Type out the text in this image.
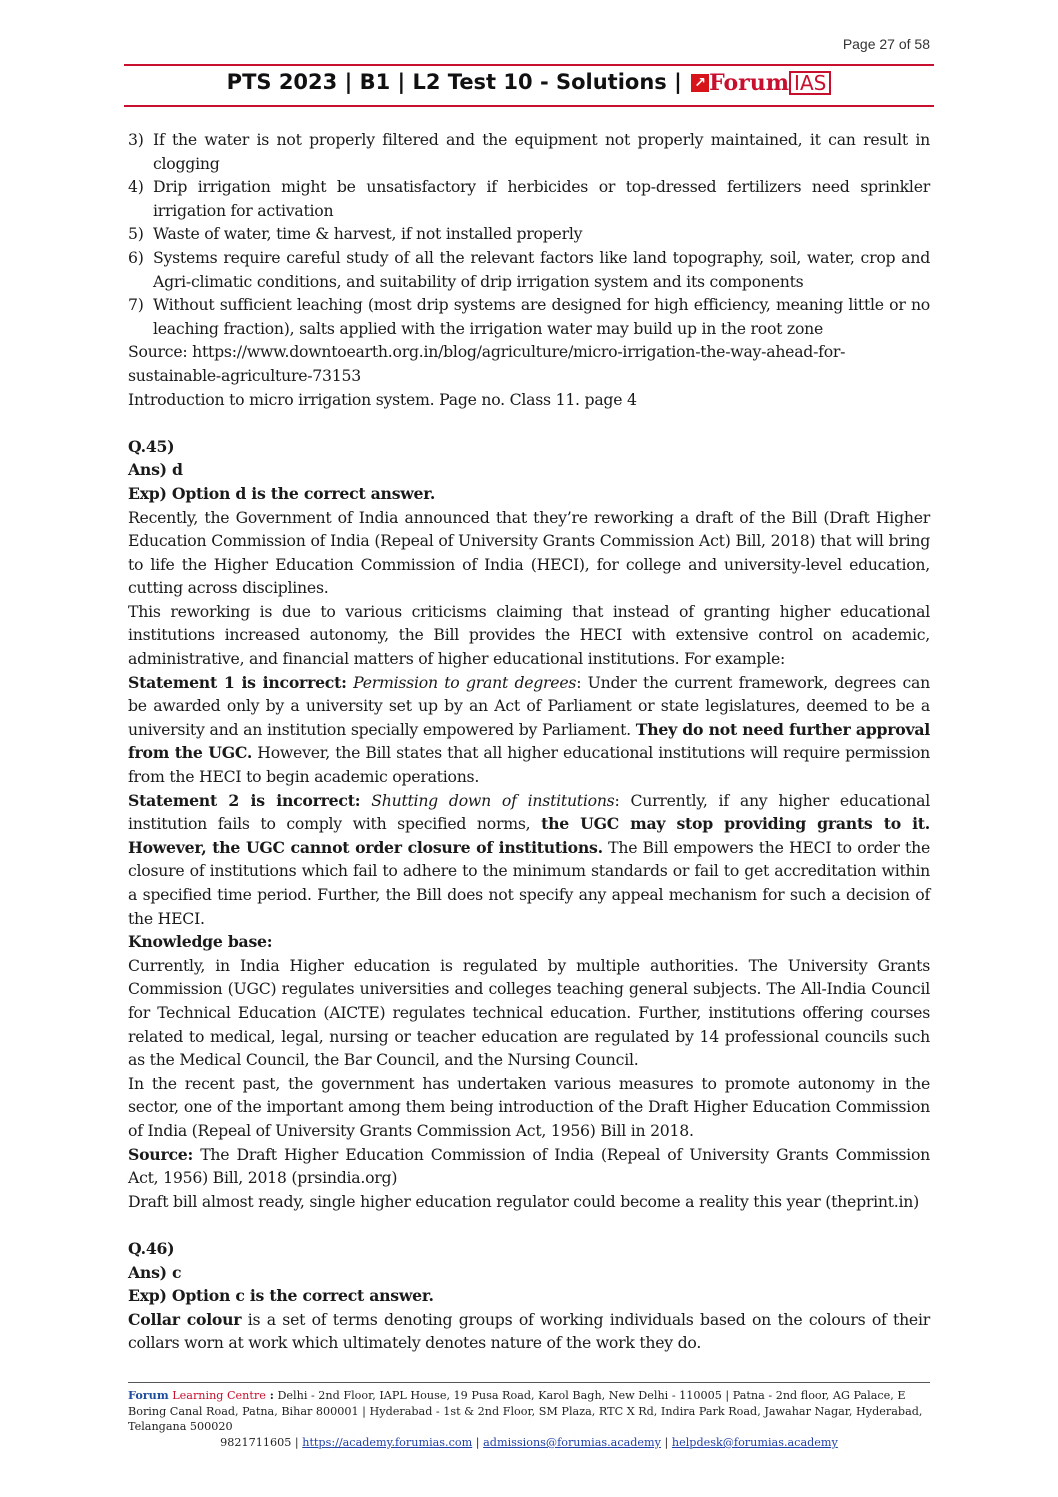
Page 27 of 58
PTS 2023 | B1 | L2 Test 10 - Solutions | ↗ Forum IAS
3) If the water is not properly filtered and the equipment not properly maintained, it can result in clogging
4) Drip irrigation might be unsatisfactory if herbicides or top-dressed fertilizers need sprinkler irrigation for activation
5) Waste of water, time & harvest, if not installed properly
6) Systems require careful study of all the relevant factors like land topography, soil, water, crop and Agri-climatic conditions, and suitability of drip irrigation system and its components
7) Without sufficient leaching (most drip systems are designed for high efficiency, meaning little or no leaching fraction), salts applied with the irrigation water may build up in the root zone

Source: https://www.downtoearth.org.in/blog/agriculture/micro-irrigation-the-way-ahead-for-sustainable-agriculture-73153

Introduction to micro irrigation system. Page no. Class 11. page 4

Q.45)

Ans) d

Exp) Option d is the correct answer.

Recently, the Government of India announced that they’re reworking a draft of the Bill (Draft Higher Education Commission of India (Repeal of University Grants Commission Act) Bill, 2018) that will bring to life the Higher Education Commission of India (HECI), for college and university-level education, cutting across disciplines.

This reworking is due to various criticisms claiming that instead of granting higher educational institutions increased autonomy, the Bill provides the HECI with extensive control on academic, administrative, and financial matters of higher educational institutions. For example:

Statement 1 is incorrect: Permission to grant degrees: Under the current framework, degrees can be awarded only by a university set up by an Act of Parliament or state legislatures, deemed to be a university and an institution specially empowered by Parliament. They do not need further approval from the UGC. However, the Bill states that all higher educational institutions will require permission from the HECI to begin academic operations.

Statement 2 is incorrect: Shutting down of institutions: Currently, if any higher educational institution fails to comply with specified norms, the UGC may stop providing grants to it. However, the UGC cannot order closure of institutions. The Bill empowers the HECI to order the closure of institutions which fail to adhere to the minimum standards or fail to get accreditation within a specified time period. Further, the Bill does not specify any appeal mechanism for such a decision of the HECI.

Knowledge base:

Currently, in India Higher education is regulated by multiple authorities. The University Grants Commission (UGC) regulates universities and colleges teaching general subjects. The All-India Council for Technical Education (AICTE) regulates technical education. Further, institutions offering courses related to medical, legal, nursing or teacher education are regulated by 14 professional councils such as the Medical Council, the Bar Council, and the Nursing Council.

In the recent past, the government has undertaken various measures to promote autonomy in the sector, one of the important among them being introduction of the Draft Higher Education Commission of India (Repeal of University Grants Commission Act, 1956) Bill in 2018.

Source: The Draft Higher Education Commission of India (Repeal of University Grants Commission Act, 1956) Bill, 2018 (prsindia.org)

Draft bill almost ready, single higher education regulator could become a reality this year (theprint.in)

Q.46)

Ans) c

Exp) Option c is the correct answer.

Collar colour is a set of terms denoting groups of working individuals based on the colours of their collars worn at work which ultimately denotes nature of the work they do.

Forum Learning Centre : Delhi - 2nd Floor, IAPL House, 19 Pusa Road, Karol Bagh, New Delhi - 110005 | Patna - 2nd floor, AG Palace, E Boring Canal Road, Patna, Bihar 800001 | Hyderabad - 1st & 2nd Floor, SM Plaza, RTC X Rd, Indira Park Road, Jawahar Nagar, Hyderabad, Telangana 500020
9821711605 | https://academy.forumias.com | admissions@forumias.academy | helpdesk@forumias.academy
